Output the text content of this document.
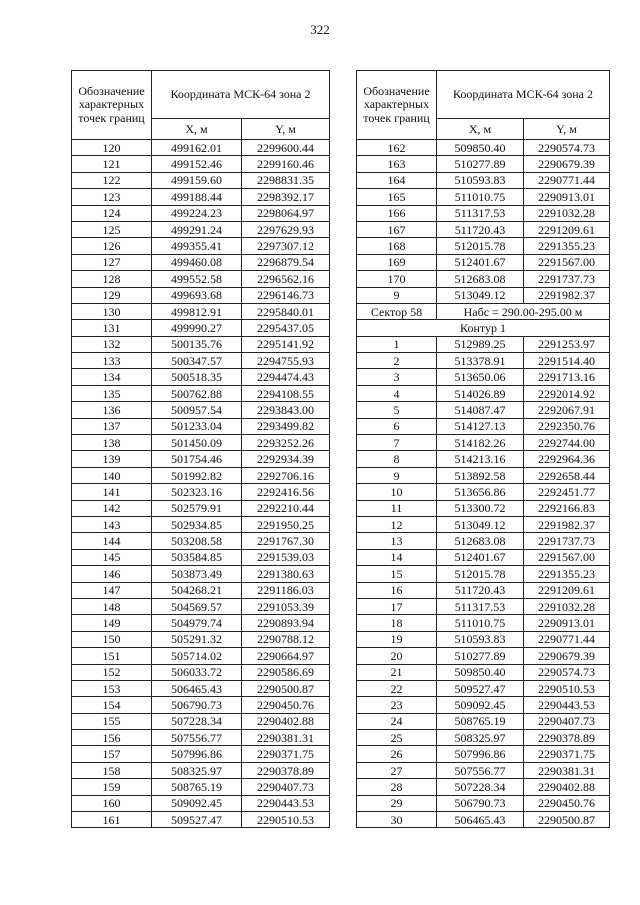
322
Обозначение характерных точек границ	Координата МСК-64 зона 2	
	X, м	Y, м
120	499162.01	2299600.44
121	499152.46	2299160.46
122	499159.60	2298831.35
123	499188.44	2298392.17
124	499224.23	2298064.97
125	499291.24	2297629.93
126	499355.41	2297307.12
127	499460.08	2296879.54
128	499552.58	2296562.16
129	499693.68	2296146.73
130	499812.91	2295840.01
131	499990.27	2295437.05
132	500135.76	2295141.92
133	500347.57	2294755.93
134	500518.35	2294474.43
135	500762.88	2294108.55
136	500957.54	2293843.00
137	501233.04	2293499.82
138	501450.09	2293252.26
139	501754.46	2292934.39
140	501992.82	2292706.16
141	502323.16	2292416.56
142	502579.91	2292210.44
143	502934.85	2291950.25
144	503208.58	2291767.30
145	503584.85	2291539.03
146	503873.49	2291380.63
147	504268.21	2291186.03
148	504569.57	2291053.39
149	504979.74	2290893.94
150	505291.32	2290788.12
151	505714.02	2290664.97
152	506033.72	2290586.69
153	506465.43	2290500.87
154	506790.73	2290450.76
155	507228.34	2290402.88
156	507556.77	2290381.31
157	507996.86	2290371.75
158	508325.97	2290378.89
159	508765.19	2290407.73
160	509092.45	2290443.53
161	509527.47	2290510.53
Обозначение характерных точек границ	Координата МСК-64 зона 2	
	X, м	Y, м
162	509850.40	2290574.73
163	510277.89	2290679.39
164	510593.83	2290771.44
165	511010.75	2290913.01
166	511317.53	2291032.28
167	511720.43	2291209.61
168	512015.78	2291355.23
169	512401.67	2291567.00
170	512683.08	2291737.73
9	513049.12	2291982.37
Сектор 58	Набс = 290.00-295.00 м	
Контур 1		
1	512989.25	2291253.97
2	513378.91	2291514.40
3	513650.06	2291713.16
4	514026.89	2292014.92
5	514087.47	2292067.91
6	514127.13	2292350.76
7	514182.26	2292744.00
8	514213.16	2292964.36
9	513892.58	2292658.44
10	513656.86	2292451.77
11	513300.72	2292166.83
12	513049.12	2291982.37
13	512683.08	2291737.73
14	512401.67	2291567.00
15	512015.78	2291355.23
16	511720.43	2291209.61
17	511317.53	2291032.28
18	511010.75	2290913.01
19	510593.83	2290771.44
20	510277.89	2290679.39
21	509850.40	2290574.73
22	509527.47	2290510.53
23	509092.45	2290443.53
24	508765.19	2290407.73
25	508325.97	2290378.89
26	507996.86	2290371.75
27	507556.77	2290381.31
28	507228.34	2290402.88
29	506790.73	2290450.76
30	506465.43	2290500.87
